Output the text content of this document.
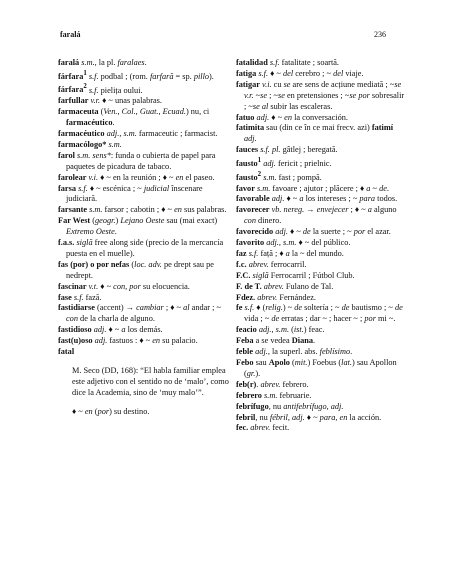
faralá	236

faralá s.m., la pl. faralaes.

fárfara$^1$ s.f. podbal ; (rom. farfară = sp. pillo).

fárfara$^2$ s.f. pielița oului.

farfullar v.r. ♦ ~ unas palabras.

farmaceuta (Ven., Col., Guat., Ecuad.) nu, ci farmacéutico.

farmacéutico adj., s.m. farmaceutic ; farmacist.

farmacólogo* s.m.

farol s.m. sens*: funda o cubierta de papel para paquetes de picadura de tabaco.

farolear v.i. ♦ ~ en la reunión ; ♦ ~ en el paseo.

farsa s.f. ♦ ~ escénica ; ~ judicial înscenare judiciară.

farsante s.m. farsor ; cabotin ; ♦ ~ en sus palabras.

Far West (geogr.) Lejano Oeste sau (mai exact) Extremo Oeste.

f.a.s. siglă free along side (precio de la mercancía puesta en el muelle).

fas (por) o por nefas (loc. adv. pe drept sau pe nedrept.

fascinar v.t. ♦ ~ con, por su elocuencia.

fase s.f. fază.

fastidiarse (accent) → cambiar ; ♦ ~ al andar ; ~ con de la charla de alguno.

fastidioso adj. ♦ ~ a los demás.

fast(u)oso adj. fastuos : ♦ ~ en su palacio.

fatal

M. Seco (DD, 168): “El habla familiar emplea este adjetivo con el sentido no de ‘malo’, como dice la Academia, sino de ‘muy malo’”.

♦ ~ en (por) su destino.

fatalidad s.f. fatalitate ; soartă.

fatiga s.f. ♦ ~ del cerebro ; ~ del viaje.

fatigar v.i. cu se are sens de acțiune mediată ; ~se v.r. ~se ; ~se en pretensiones ; ~se por sobresalir ; ~se al subir las escaleras.

fatuo adj. ♦ ~ en la conversación.

fatimita sau (din ce în ce mai frecv. azi) fatimí adj.

fauces s.f. pl. gâtlej ; beregată.

fausto$^1$ adj. fericit ; prielnic.

fausto$^2$ s.m. fast ; pompă.

favor s.m. favoare ; ajutor ; plăcere ; ♦ a ~ de.

favorable adj. ♦ ~ a los intereses ; ~ para todos.

favorecer vb. nereg. → envejecer ; ♦ ~ a alguno con dinero.

favorecido adj. ♦ ~ de la suerte ; ~ por el azar.

favorito adj., s.m. ♦ ~ del público.

faz s.f. față ; ♦ a la ~ del mundo.

f.c. abrev. ferrocarril.

F.C. siglă Ferrocarril ; Fútbol Club.

F. de T. abrev. Fulano de Tal.

Fdez. abrev. Fernández.

fe s.f. ♦ (relig.) ~ de soltería ; ~ de bautismo ; ~ de vida ; ~ de erratas ; dar ~ ; hacer ~ ; por mi ~.

feacio adj., s.m. (ist.) feac.

Feba a se vedea Diana.

feble adj., la superl. abs. feblísimo.

Febo sau Apolo (mit.) Foebus (lat.) sau Apollon (gr.).

feb(r). abrev. febrero.

febrero s.m. februarie.

febrífugo, nu antifebrífugo, adj.

febril, nu fébril, adj. ♦ ~ para, en la acción.

fec. abrev. fecit.
